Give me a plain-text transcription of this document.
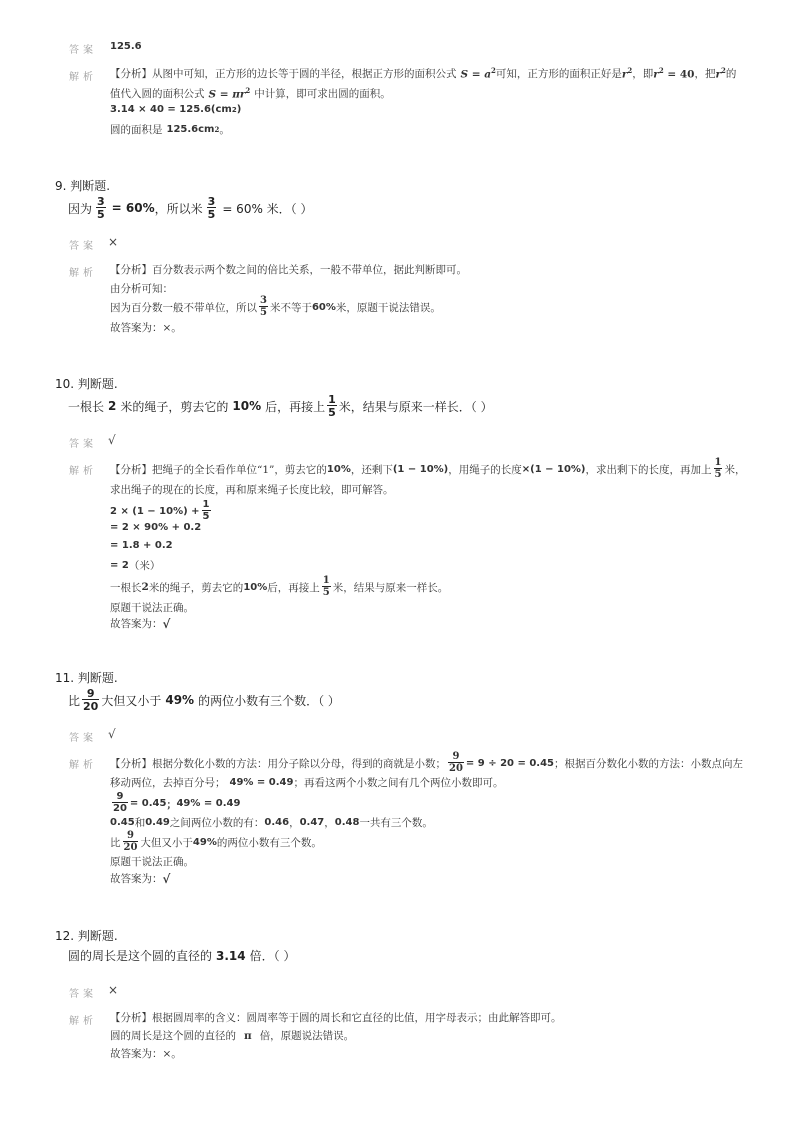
答案 125.6
解析 【分析】从图中可知，正方形的边长等于圆的半径，根据正方形的面积公式 $S = a^2$ 可知，正方形的面积正好是 $r^2$ ，即 $r^2 = 40$ ，把 $r^2$ 的
值代入圆的面积公式 $S = \pi r^2$ 中计算，即可求出圆的面积。
3.14 × 40 = 125.6(cm 2 )
圆的面积是 125.6cm 2 。
9. 判断题.
因为 $\frac{3}{5} = 60\%$ ，所以米 $\frac{3}{5} = 60\%$ 米．（ ）
答案 ×
解析 【分析】百分数表示两个数之间的倍比关系，一般不带单位，据此判断即可。
由分析可知：
因为百分数一般不带单位，所以 $\frac{3}{5}$ 米不等于 60% 米，原题干说法错误。
故答案为：×。
10. 判断题.
一根长 2 米的绳子，剪去它的 10% 后，再接上 $\frac{1}{5}$ 米，结果与原来一样长．（ ）
答案 √
解析 【分析】把绳子的全长看作单位“1”，剪去它的 10% ，还剩下 (1 − 10%) ，用绳子的长度 ×(1 − 10%) ，求出剩下的长度，再加上 $\frac{1}{5}$ 米，
求出绳子的现在的长度，再和原来绳子长度比较，即可解答。
$2 \times (1 - 10\%) + \frac{1}{5}$
= 2 × 90% + 0.2
= 1.8 + 0.2
= 2 （米）
一根长 2 米的绳子，剪去它的 10% 后，再接上 $\frac{1}{5}$ 米，结果与原来一样长。
原题干说法正确。
故答案为： √
11. 判断题.
比 $\frac{9}{20}$ 大但又小于 49% 的两位小数有三个数．（ ）
答案 √
解析 【分析】根据分数化小数的方法：用分子除以分母，得到的商就是小数； $\frac{9}{20} = 9 \div 20 = 0.45$ ；根据百分数化小数的方法：小数点向左
移动两位，去掉百分号； 49% = 0.49 ；再看这两个小数之间有几个两位小数即可。
$\frac{9}{20} = 0.45$ ； 49% = 0.49
0.45 和 0.49 之间两位小数的有： 0.46 ， 0.47 ， 0.48 一共有三个数。
比 $\frac{9}{20}$ 大但又小于 49% 的两位小数有三个数。
原题干说法正确。
故答案为： √
12. 判断题.
圆的周长是这个圆的直径的 3.14 倍．（ ）
答案 ×
解析 【分析】根据圆周率的含义：圆周率等于圆的周长和它直径的比值，用字母表示；由此解答即可。
圆的周长是这个圆的直径的 π 倍，原题说法错误。
故答案为：×。
